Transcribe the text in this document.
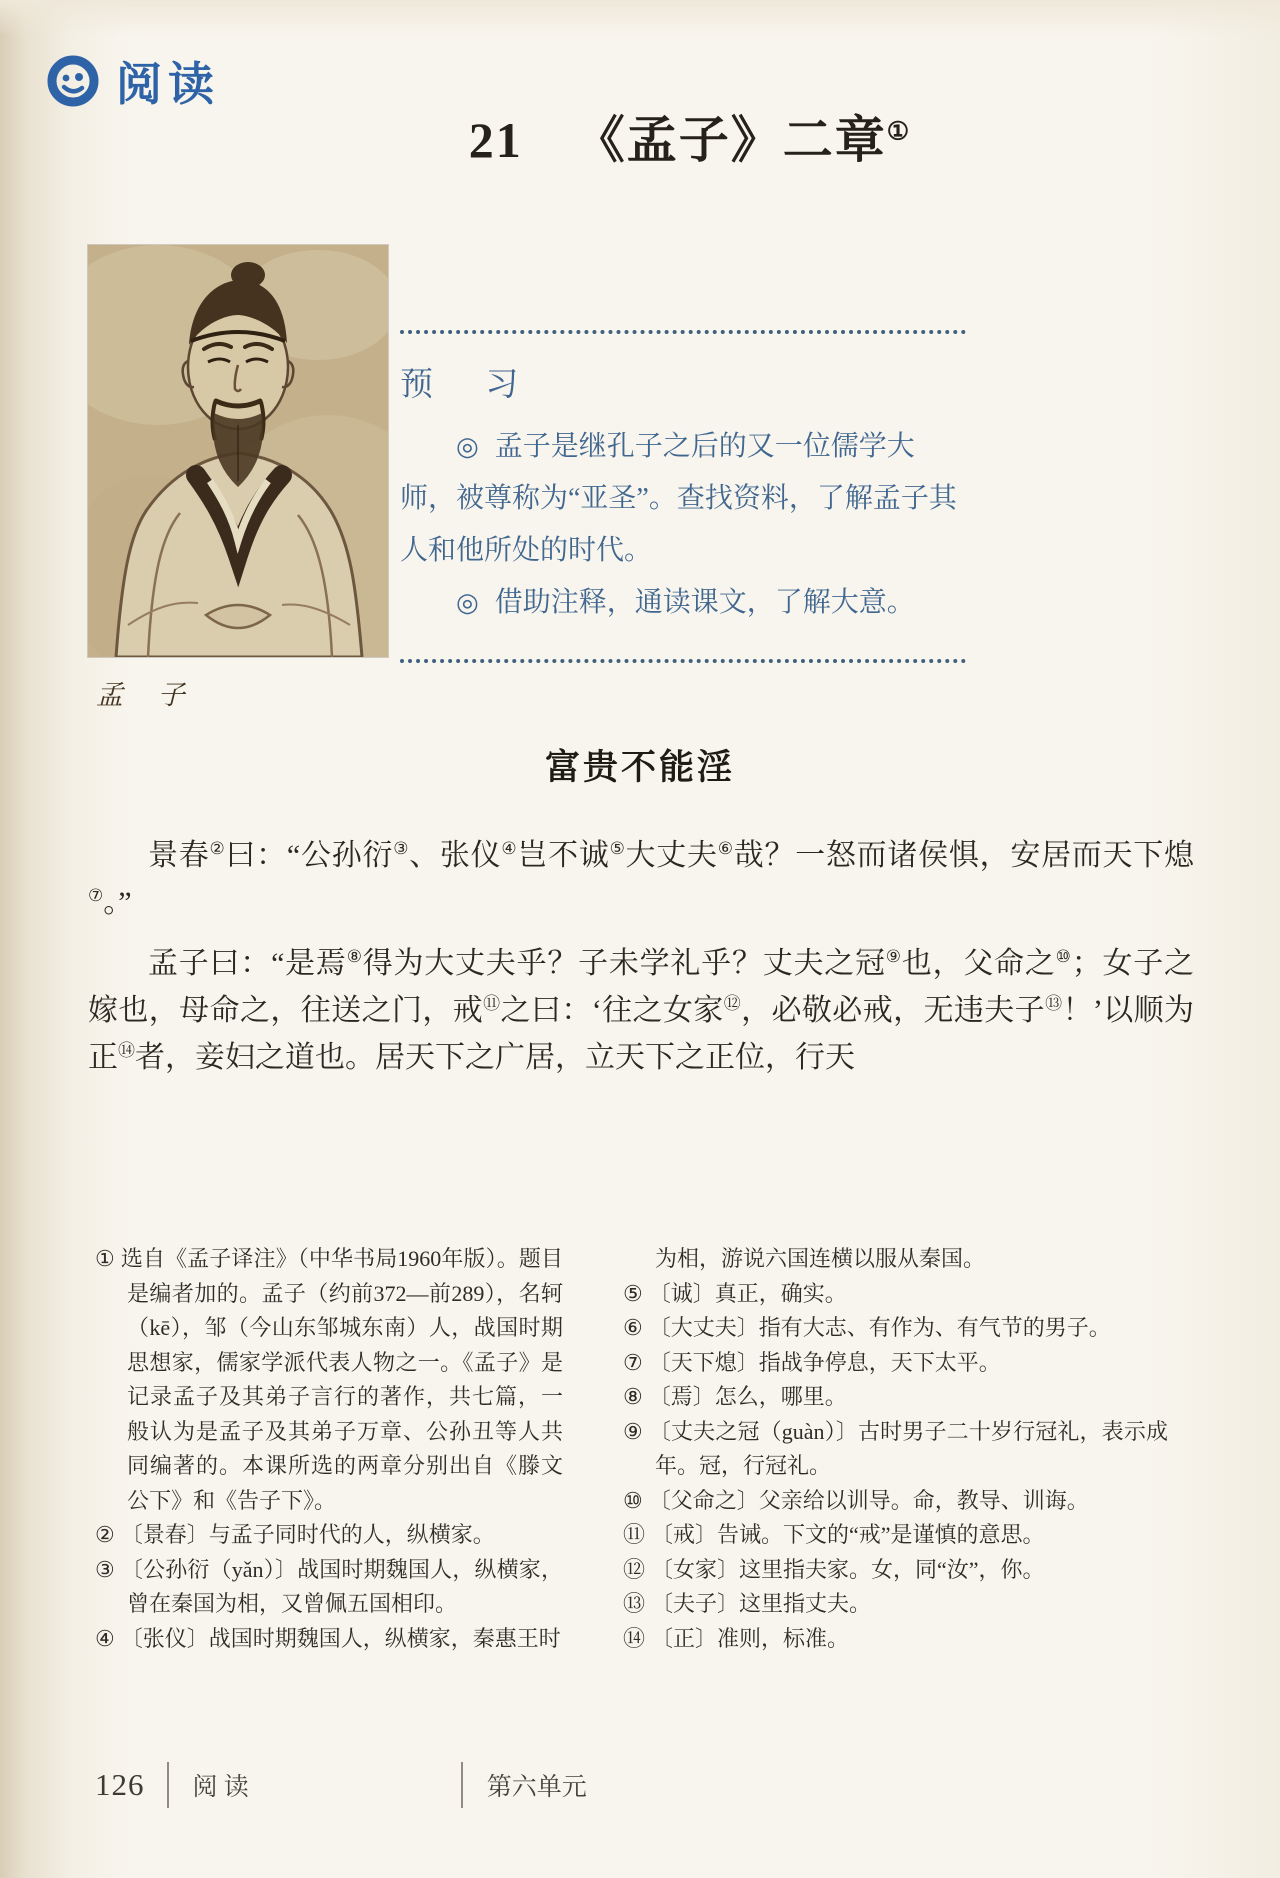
阅读
21 《孟子》二章①
孟 子
预 习

◎ 孟子是继孔子之后的又一位儒学大师，被尊称为“亚圣”。查找资料，了解孟子其人和他所处的时代。

◎ 借助注释，通读课文，了解大意。

富贵不能淫

景春②曰：“公孙衍③、张仪④岂不诚⑤大丈夫⑥哉？一怒而诸侯惧，安居而天下熄⑦。”

孟子曰：“是焉⑧得为大丈夫乎？子未学礼乎？丈夫之冠⑨也，父命之⑩；女子之嫁也，母命之，往送之门，戒⑪之曰：‘往之女家⑫，必敬必戒，无违夫子⑬！’以顺为正⑭者，妾妇之道也。居天下之广居，立天下之正位，行天

① 选自《孟子译注》（中华书局1960年版）。题目是编者加的。孟子（约前372—前289），名轲（kē），邹（今山东邹城东南）人，战国时期思想家，儒家学派代表人物之一。《孟子》是记录孟子及其弟子言行的著作，共七篇，一般认为是孟子及其弟子万章、公孙丑等人共同编著的。本课所选的两章分别出自《滕文公下》和《告子下》。
② 〔景春〕与孟子同时代的人，纵横家。
③ 〔公孙衍（yǎn）〕战国时期魏国人，纵横家，曾在秦国为相，又曾佩五国相印。
④ 〔张仪〕战国时期魏国人，纵横家，秦惠王时
为相，游说六国连横以服从秦国。
⑤ 〔诚〕真正，确实。
⑥ 〔大丈夫〕指有大志、有作为、有气节的男子。
⑦ 〔天下熄〕指战争停息，天下太平。
⑧ 〔焉〕怎么，哪里。
⑨ 〔丈夫之冠（guàn）〕古时男子二十岁行冠礼，表示成年。冠，行冠礼。
⑩ 〔父命之〕父亲给以训导。命，教导、训诲。
⑪ 〔戒〕告诫。下文的“戒”是谨慎的意思。
⑫ 〔女家〕这里指夫家。女，同“汝”，你。
⑬ 〔夫子〕这里指丈夫。
⑭ 〔正〕准则，标准。
126 阅 读	第六单元
